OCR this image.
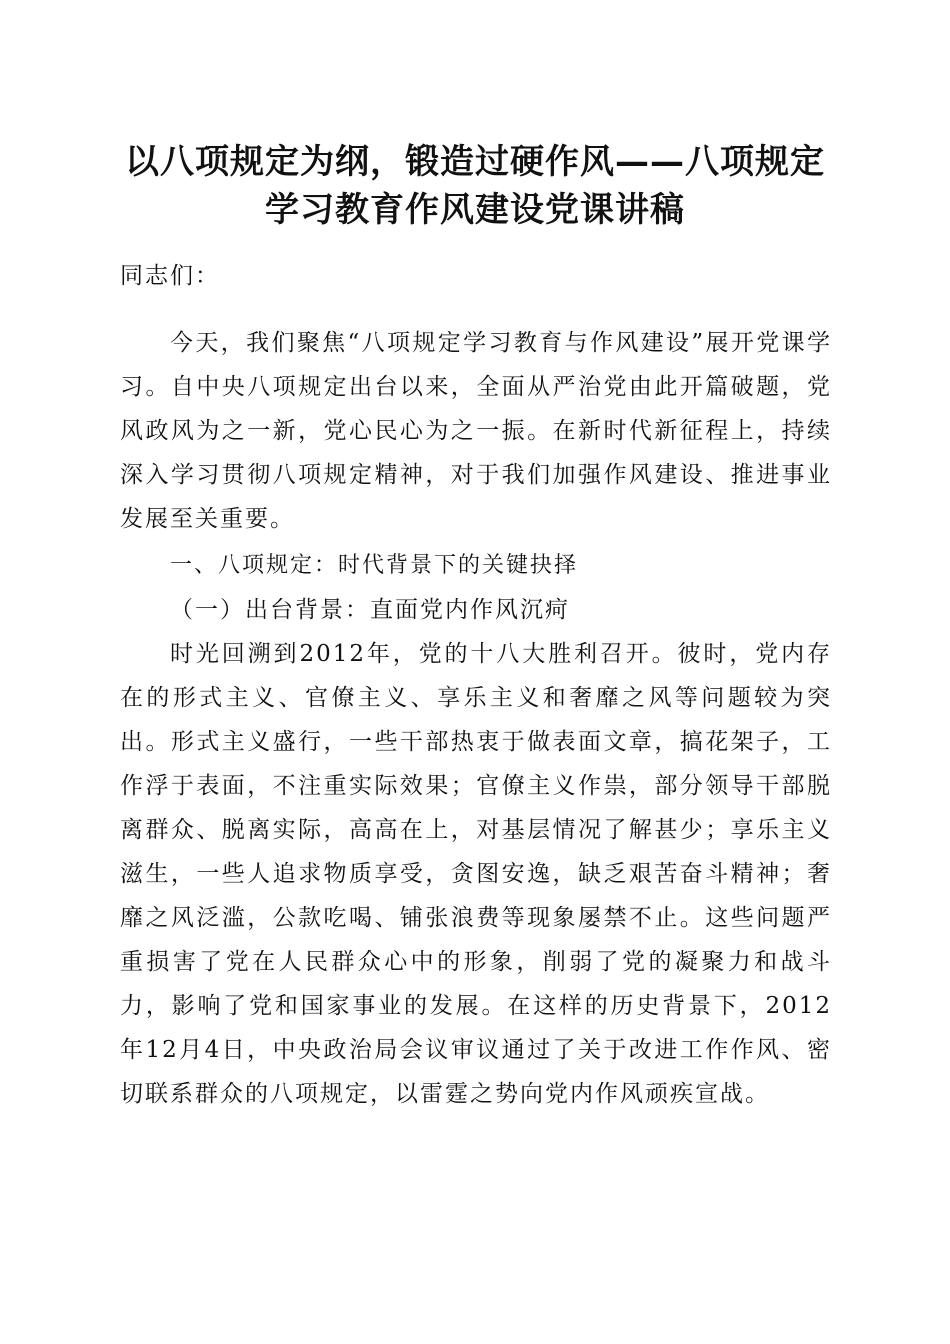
以八项规定为纲，锻造过硬作风——八项规定
学习教育作风建设党课讲稿

同志们：

今天，我们聚焦“八项规定学习教育与作风建设”展开党课学习。自中央八项规定出台以来，全面从严治党由此开篇破题，党风政风为之一新，党心民心为之一振。在新时代新征程上，持续深入学习贯彻八项规定精神，对于我们加强作风建设、推进事业发展至关重要。

一、八项规定：时代背景下的关键抉择

（一）出台背景：直面党内作风沉疴

时光回溯到2012年，党的十八大胜利召开。彼时，党内存在的形式主义、官僚主义、享乐主义和奢靡之风等问题较为突出。形式主义盛行，一些干部热衷于做表面文章，搞花架子，工作浮于表面，不注重实际效果；官僚主义作祟，部分领导干部脱离群众、脱离实际，高高在上，对基层情况了解甚少；享乐主义滋生，一些人追求物质享受，贪图安逸，缺乏艰苦奋斗精神；奢靡之风泛滥，公款吃喝、铺张浪费等现象屡禁不止。这些问题严重损害了党在人民群众心中的形象，削弱了党的凝聚力和战斗力，影响了党和国家事业的发展。在这样的历史背景下，2012年12月4日，中央政治局会议审议通过了关于改进工作作风、密切联系群众的八项规定，以雷霆之势向党内作风顽疾宣战。
